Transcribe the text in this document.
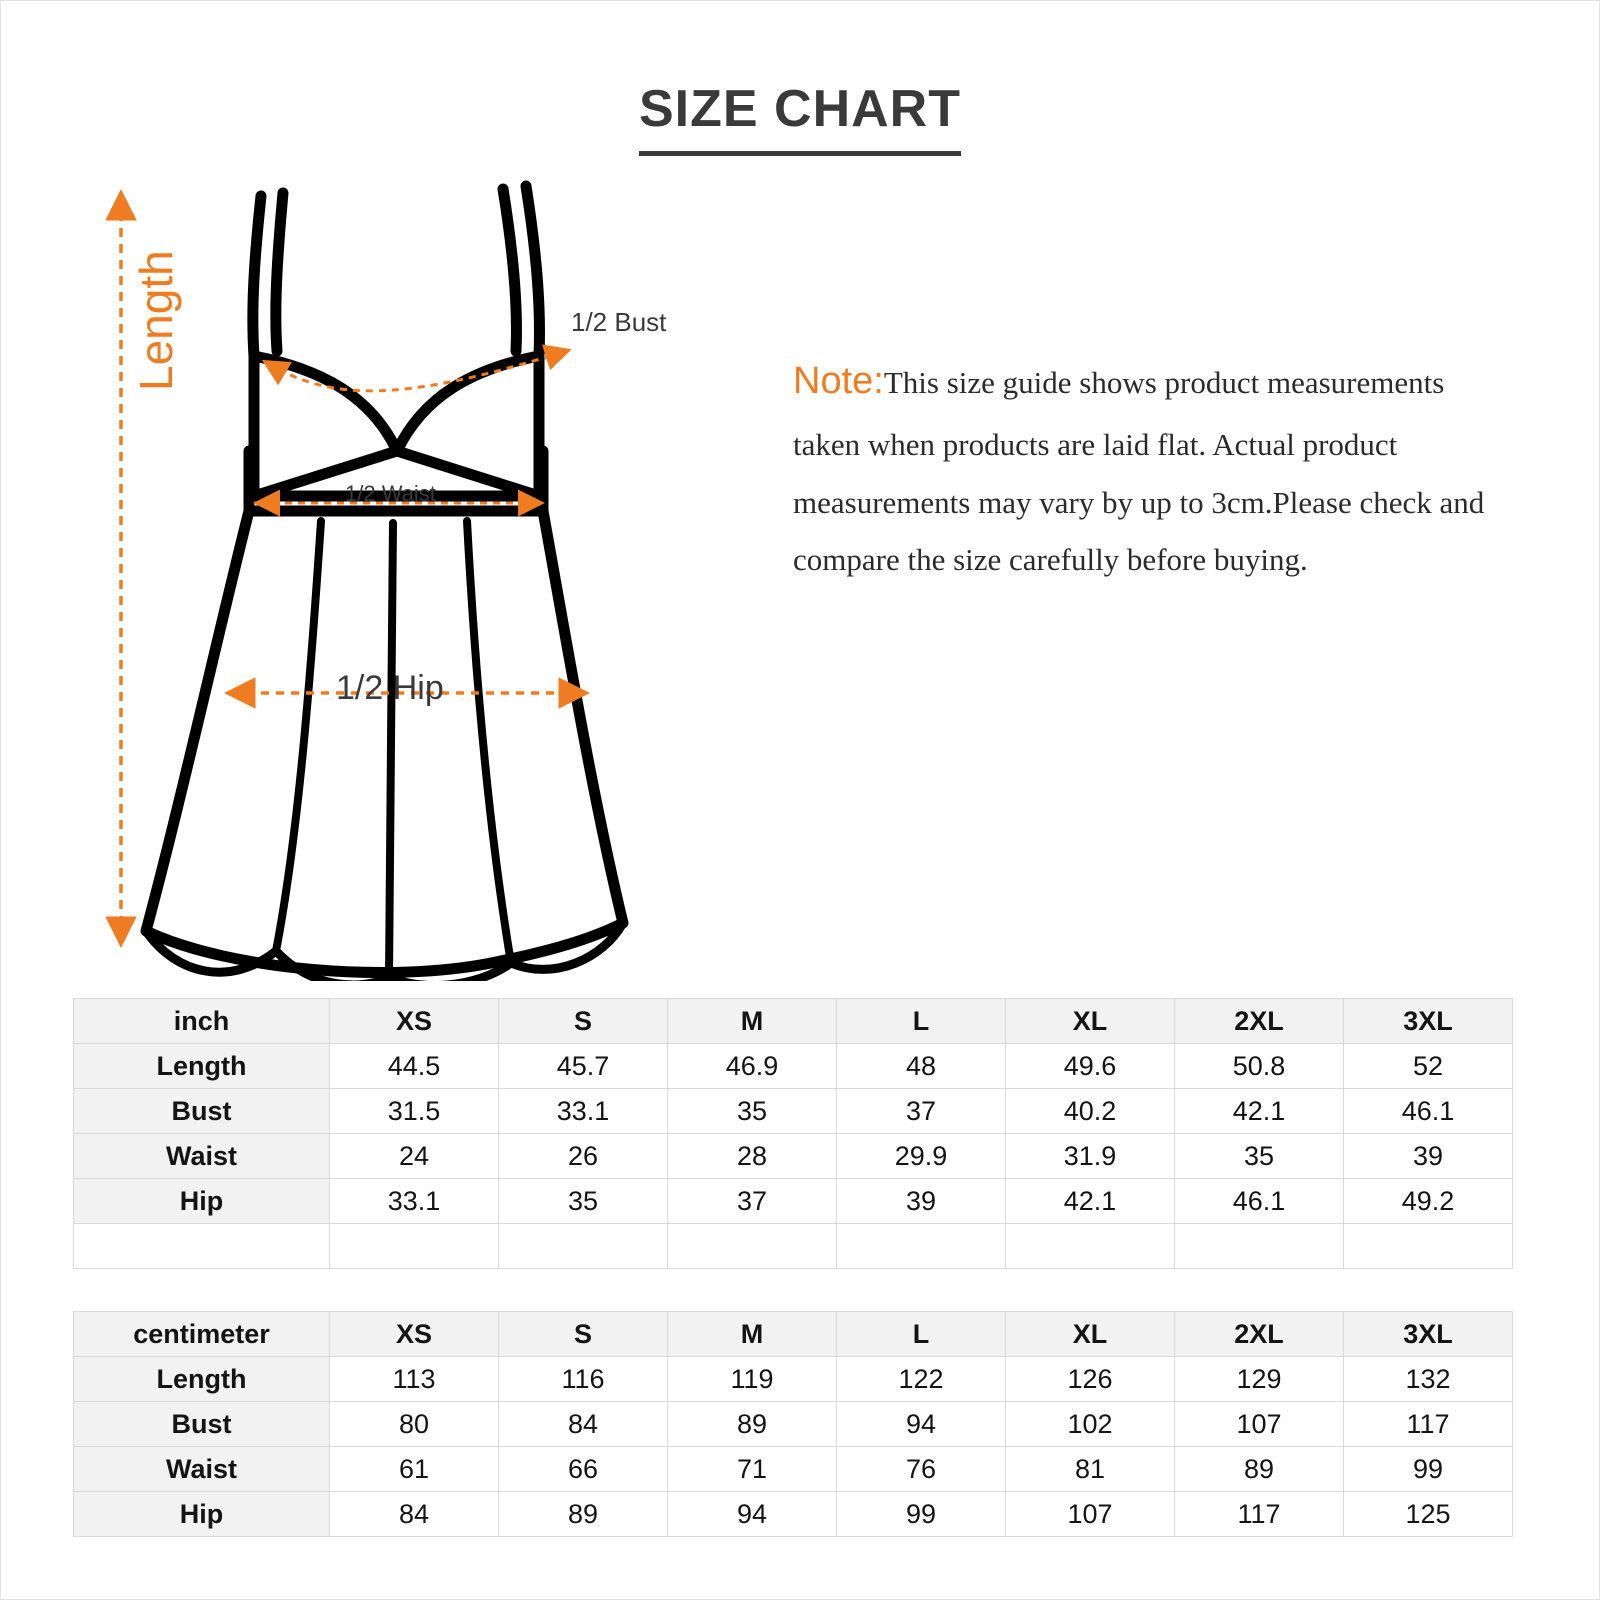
SIZE CHART
Length	1/2 Bust
1/2 Waist
1/2 Hip
Note:This size guide shows product measurements taken when products are laid flat. Actual product measurements may vary by up to 3cm.Please check and compare the size carefully before buying.
inch	XS	S	M	L	XL	2XL	3XL
Length	44.5	45.7	46.9	48	49.6	50.8	52
Bust	31.5	33.1	35	37	40.2	42.1	46.1
Waist	24	26	28	29.9	31.9	35	39
Hip	33.1	35	37	39	42.1	46.1	49.2

centimeter	XS	S	M	L	XL	2XL	3XL
Length	113	116	119	122	126	129	132
Bust	80	84	89	94	102	107	117
Waist	61	66	71	76	81	89	99
Hip	84	89	94	99	107	117	125
